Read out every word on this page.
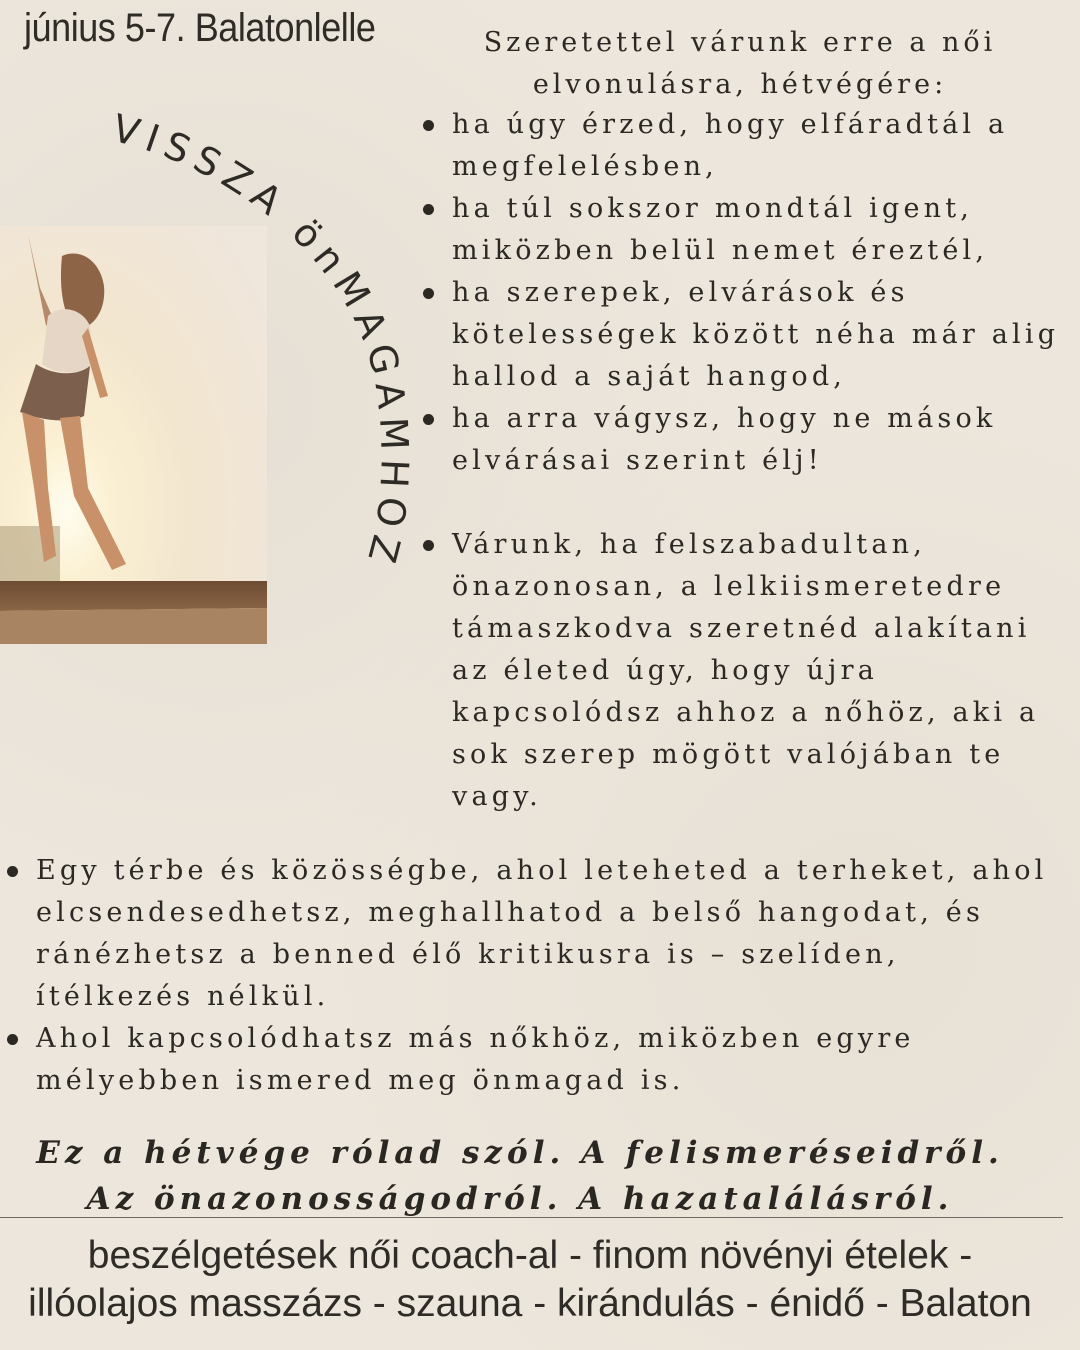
június 5-7. Balatonlelle
VISSZA önMAGAMHOZ
Szeretettel várunk erre a női elvonulásra, hétvégére:
ha úgy érzed, hogy elfáradtál a megfelelésben,
ha túl sokszor mondtál igent, miközben belül nemet éreztél,
ha szerepek, elvárások és kötelességek között néha már alig hallod a saját hangod,
ha arra vágysz, hogy ne mások elvárásai szerint élj!
Várunk, ha felszabadultan, önazonosan, a lelkiismeretedre támaszkodva szeretnéd alakítani az életed úgy, hogy újra kapcsolódsz ahhoz a nőhöz, aki a sok szerep mögött valójában te vagy.
Egy térbe és közösségbe, ahol leteheted a terheket, ahol elcsendesedhetsz, meghallhatod a belső hangodat, és ránézhetsz a benned élő kritikusra is – szelíden, ítélkezés nélkül.
Ahol kapcsolódhatsz más nőkhöz, miközben egyre mélyebben ismered meg önmagad is.
Ez a hétvége rólad szól. A felismeréseidről.
Az önazonosságodról. A hazatalálásról.
beszélgetések női coach-al - finom növényi ételek -
illóolajos masszázs - szauna - kirándulás - énidő - Balaton
